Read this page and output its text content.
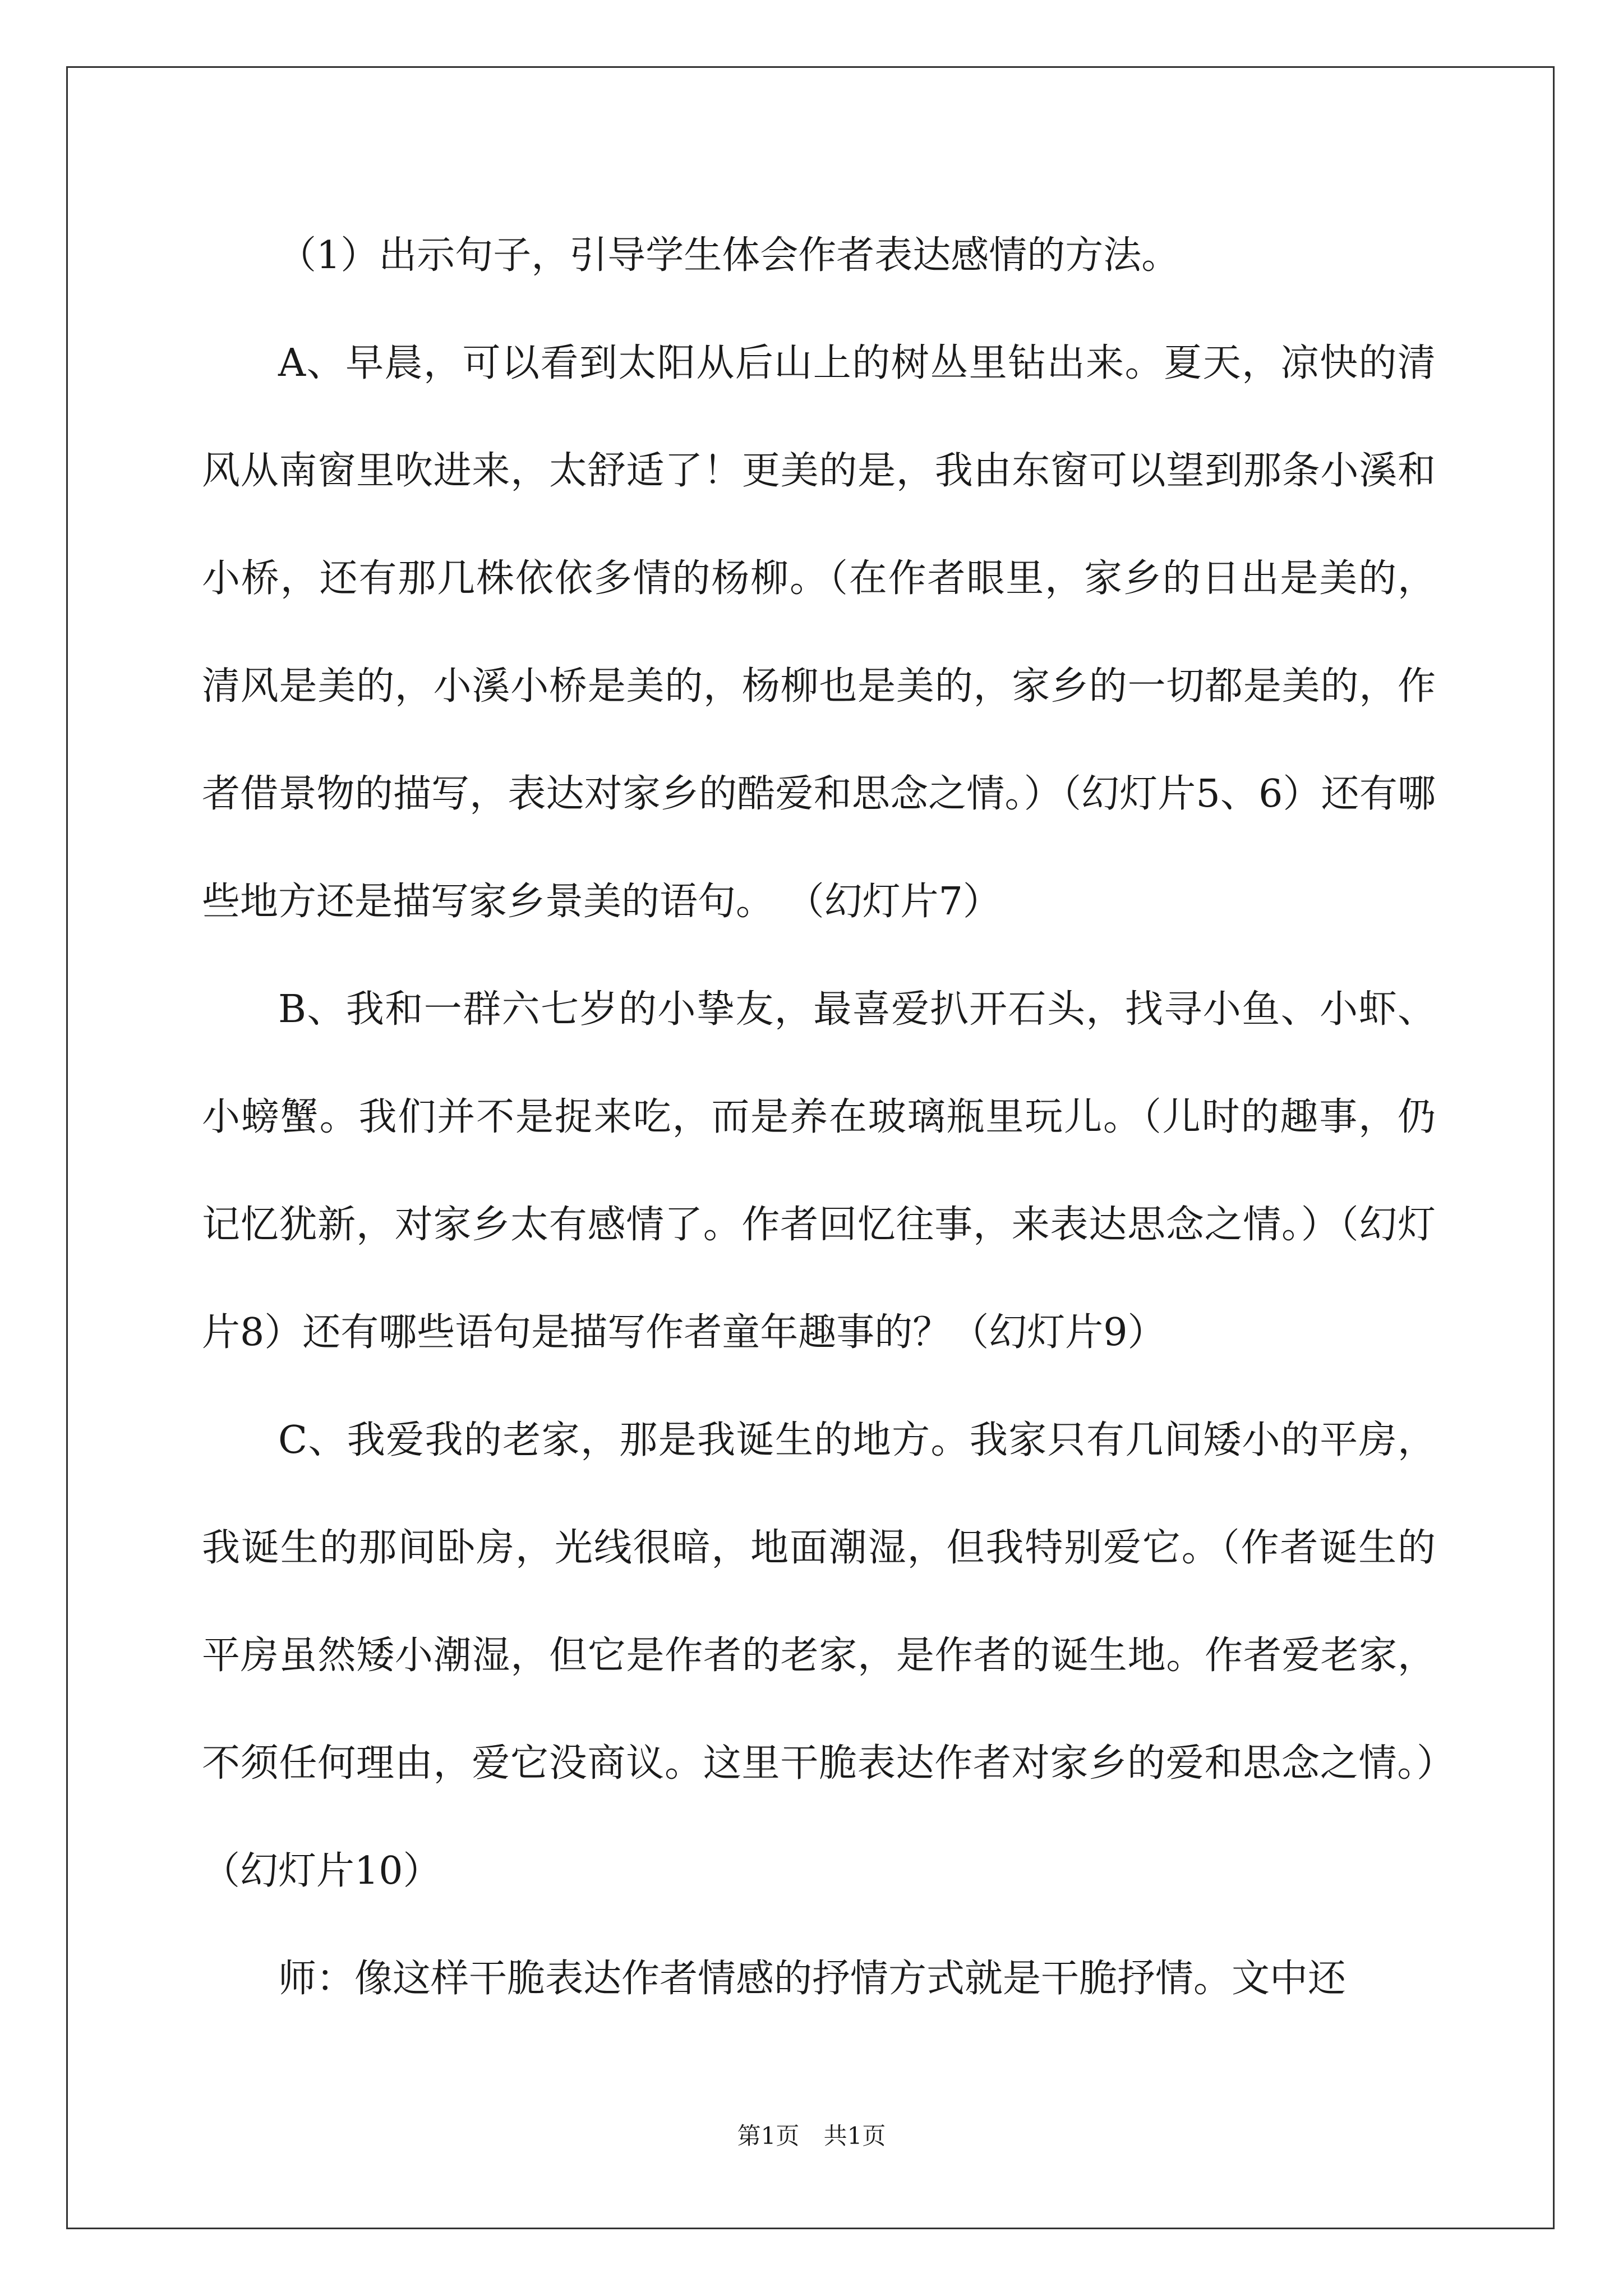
（1）出示句子，引导学生体会作者表达感情的方法。

A、早晨，可以看到太阳从后山上的树丛里钻出来。夏天，凉快的清风从南窗里吹进来，太舒适了！更美的是，我由东窗可以望到那条小溪和小桥，还有那几株依依多情的杨柳。（在作者眼里，家乡的日出是美的，清风是美的，小溪小桥是美的，杨柳也是美的，家乡的一切都是美的，作者借景物的描写，表达对家乡的酷爱和思念之情。）（幻灯片5、6）还有哪些地方还是描写家乡景美的语句。 （幻灯片7）

B、我和一群六七岁的小挚友，最喜爱扒开石头，找寻小鱼、小虾、小螃蟹。我们并不是捉来吃，而是养在玻璃瓶里玩儿。（儿时的趣事，仍记忆犹新，对家乡太有感情了。作者回忆往事，来表达思念之情。）（幻灯片8）还有哪些语句是描写作者童年趣事的？（幻灯片9）

C、我爱我的老家，那是我诞生的地方。我家只有几间矮小的平房，我诞生的那间卧房，光线很暗，地面潮湿，但我特别爱它。（作者诞生的平房虽然矮小潮湿，但它是作者的老家，是作者的诞生地。作者爱老家，不须任何理由，爱它没商议。这里干脆表达作者对家乡的爱和思念之情。）（幻灯片10）

师：像这样干脆表达作者情感的抒情方式就是干脆抒情。文中还

第1页 共1页
